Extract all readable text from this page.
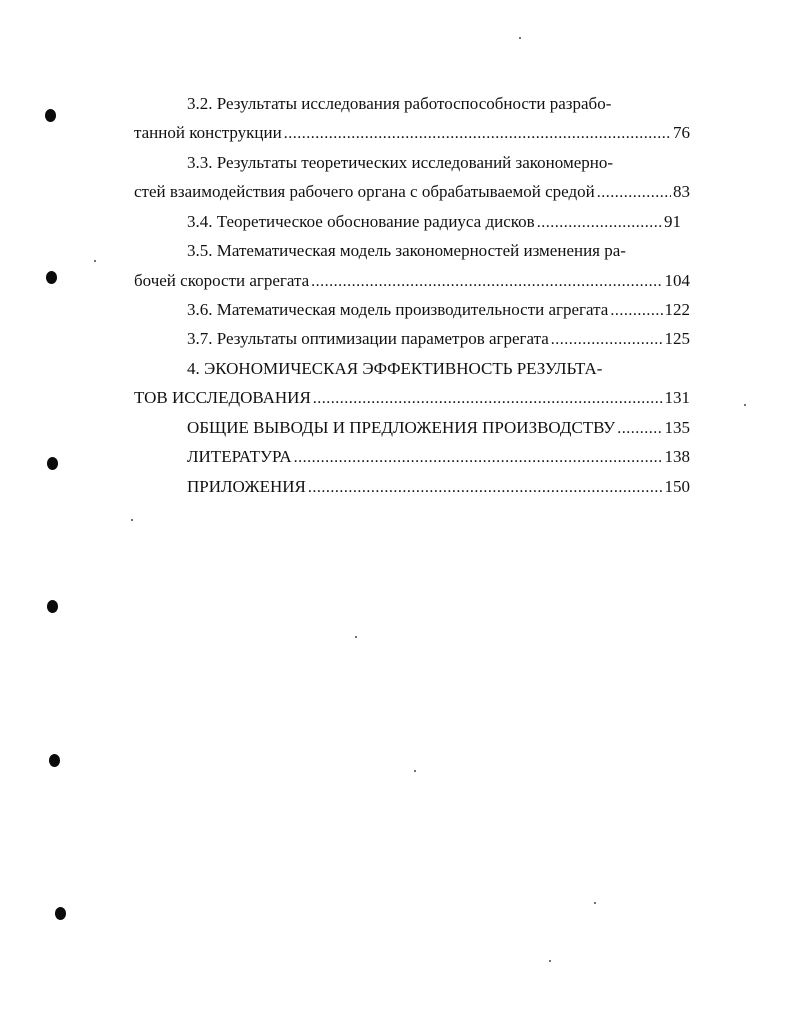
3.2. Результаты исследования работоспособности разрабо-
танной конструкции .....	76
3.3. Результаты теоретических исследований закономерно-
стей взаимодействия рабочего органа с обрабатываемой средой .....	83
3.4. Теоретическое обоснование радиуса дисков .....	91
3.5. Математическая модель закономерностей изменения ра-
бочей скорости агрегата .....	104
3.6. Математическая модель производительности агрегата .....	122
3.7. Результаты оптимизации параметров агрегата .....	125
4. ЭКОНОМИЧЕСКАЯ ЭФФЕКТИВНОСТЬ РЕЗУЛЬТА-
ТОВ ИССЛЕДОВАНИЯ .....	131
ОБЩИЕ ВЫВОДЫ И ПРЕДЛОЖЕНИЯ ПРОИЗВОДСТВУ .....	135
ЛИТЕРАТУРА .....	138
ПРИЛОЖЕНИЯ .....	150
